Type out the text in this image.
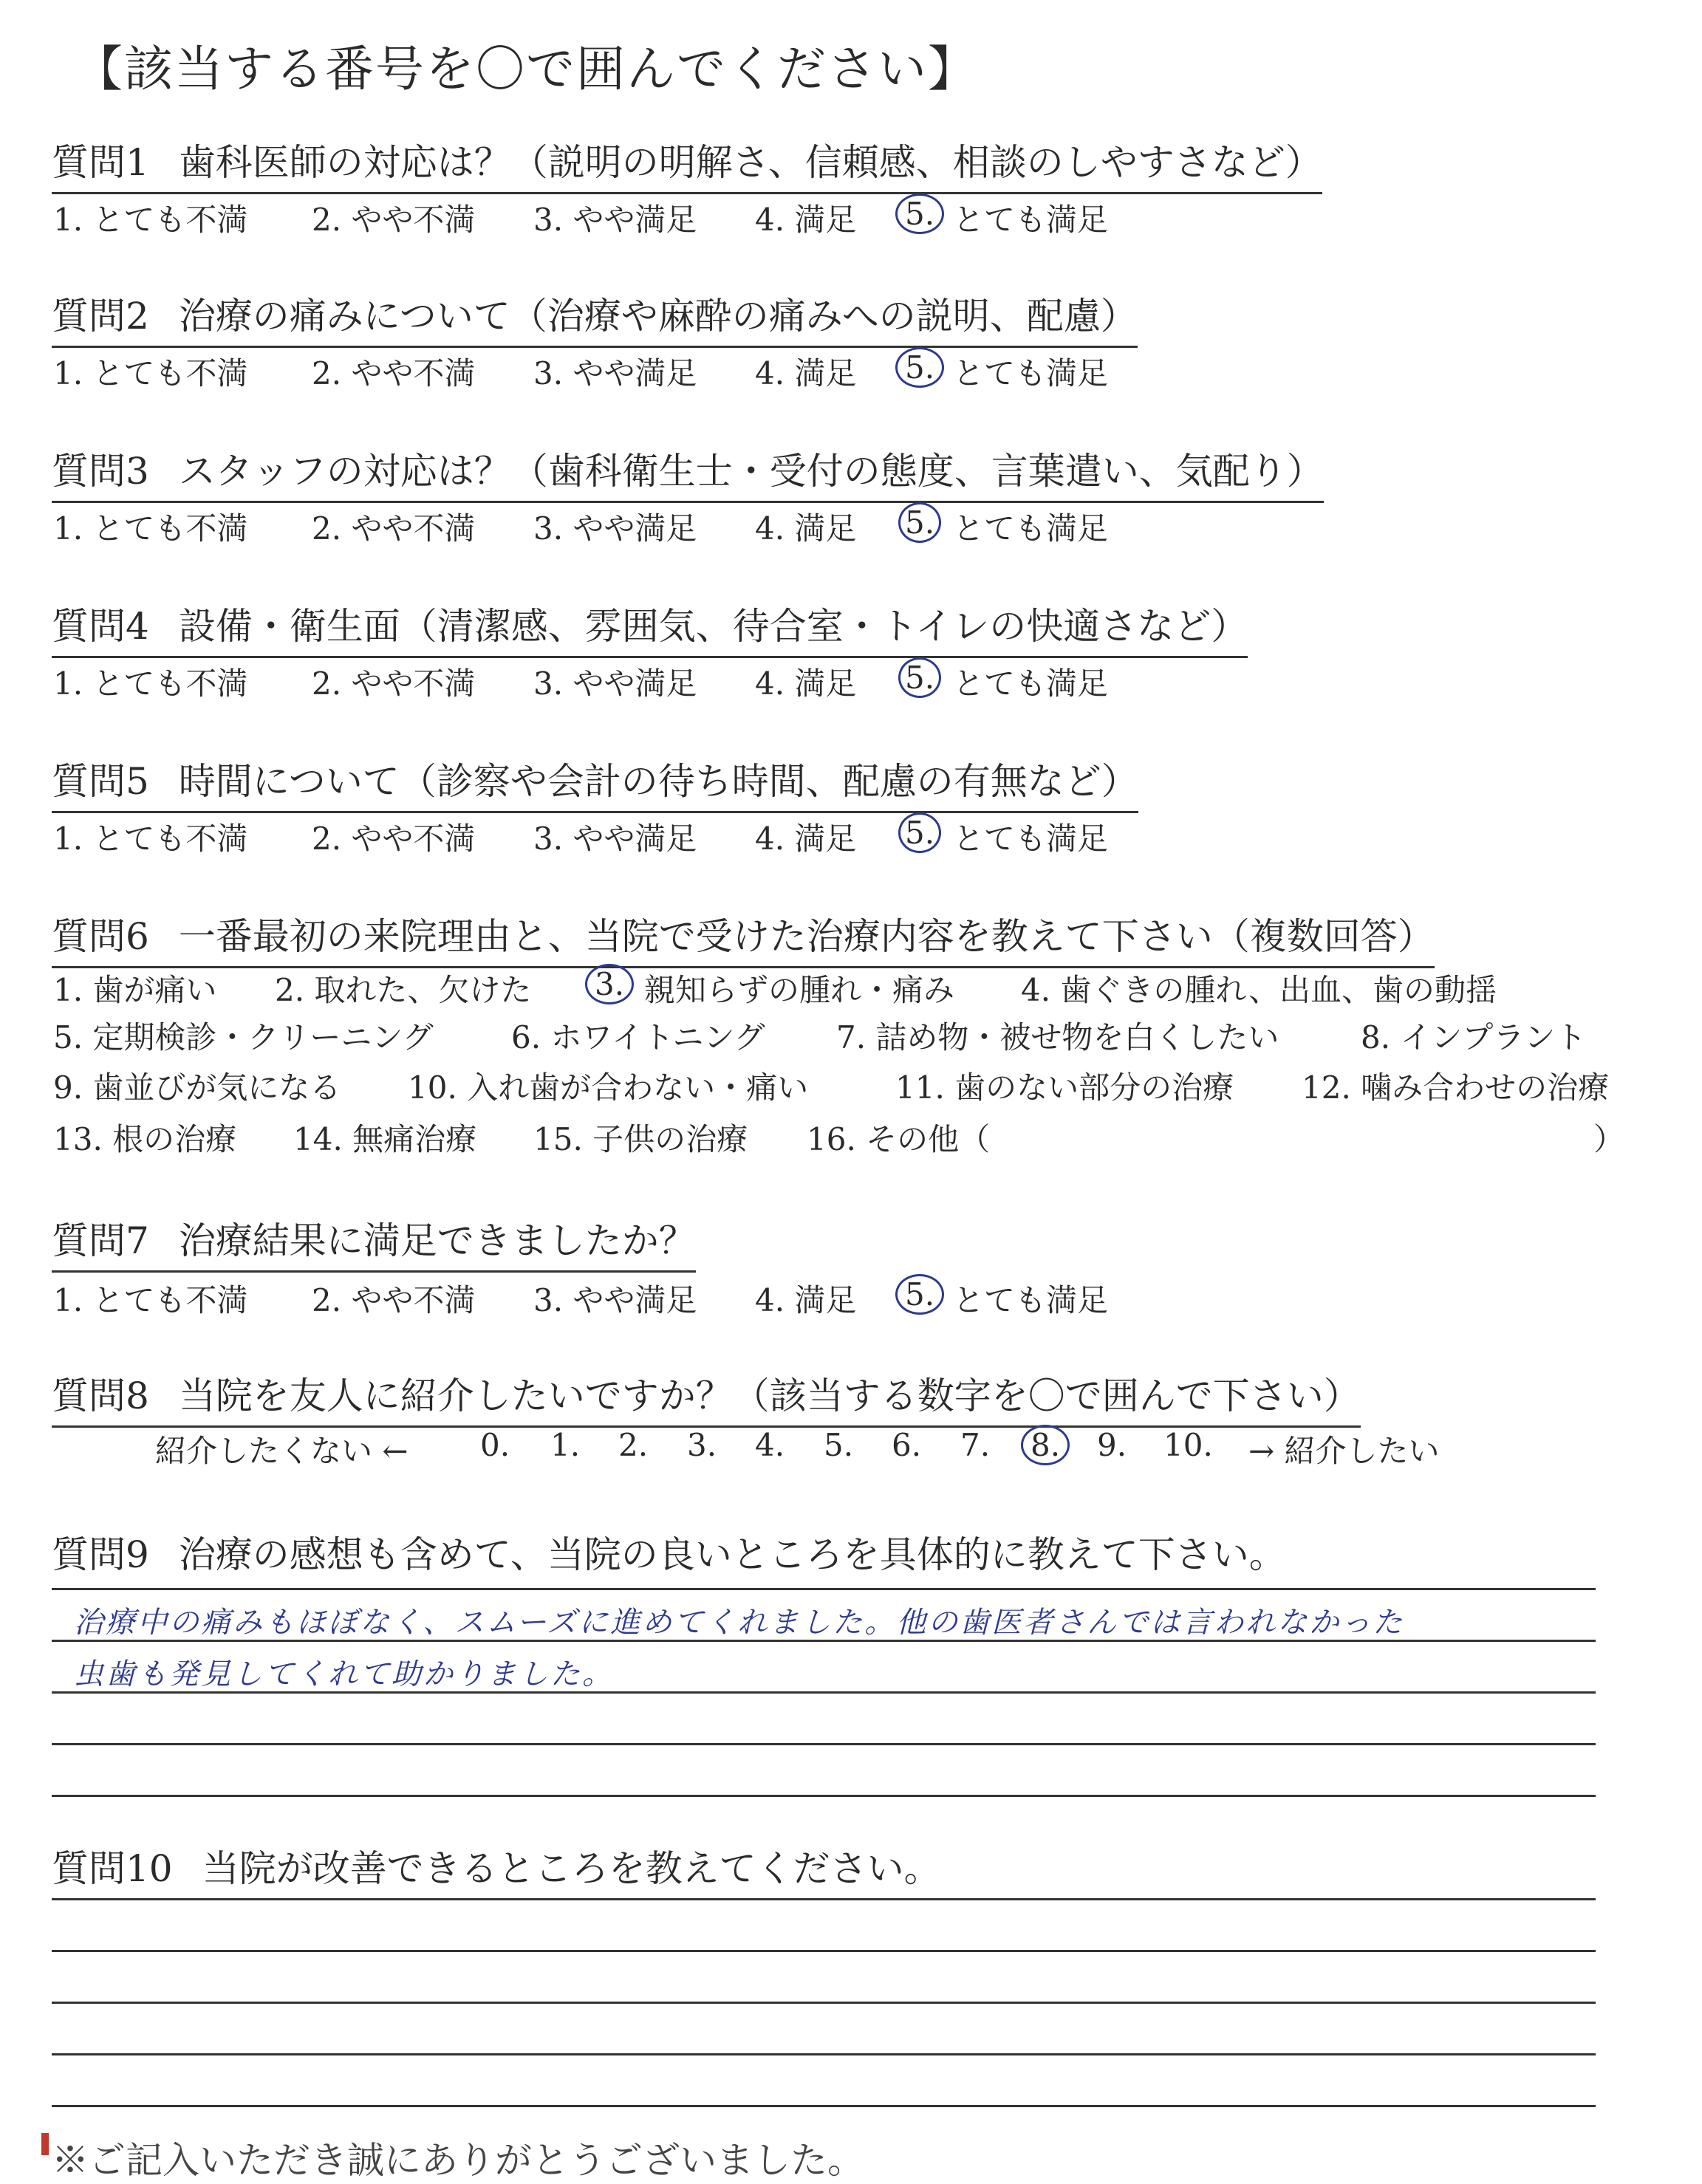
【該当する番号を〇で囲んでください】
質問1 歯科医師の対応は？（説明の明解さ、信頼感、相談のしやすさなど）
1. とても不満 2. やや不満 3. やや満足 4. 満足 5. とても満足
質問2 治療の痛みについて（治療や麻酔の痛みへの説明、配慮）
1. とても不満 2. やや不満 3. やや満足 4. 満足 5. とても満足
質問3 スタッフの対応は？（歯科衛生士・受付の態度、言葉遣い、気配り）
1. とても不満 2. やや不満 3. やや満足 4. 満足 5. とても満足
質問4 設備・衛生面（清潔感、雰囲気、待合室・トイレの快適さなど）
1. とても不満 2. やや不満 3. やや満足 4. 満足 5. とても満足
質問5 時間について（診察や会計の待ち時間、配慮の有無など）
1. とても不満 2. やや不満 3. やや満足 4. 満足 5. とても満足
質問6 一番最初の来院理由と、当院で受けた治療内容を教えて下さい（複数回答）
1. 歯が痛い 2. 取れた、欠けた 3. 親知らずの腫れ・痛み 4. 歯ぐきの腫れ、出血、歯の動揺
5. 定期検診・クリーニング	6. ホワイトニング 7. 詰め物・被せ物を白くしたい	8. インプラント
9. 歯並びが気になる 10. 入れ歯が合わない・痛い	11. 歯のない部分の治療 12. 噛み合わせの治療
13. 根の治療 14. 無痛治療 15. 子供の治療 16. その他（	）
質問7 治療結果に満足できましたか？
1. とても不満 2. やや不満 3. やや満足 4. 満足 5. とても満足
質問8 当院を友人に紹介したいですか？（該当する数字を〇で囲んで下さい）
紹介したくない ← 0. 1. 2. 3. 4. 5. 6. 7. 8. 9. 10. → 紹介したい
質問9 治療の感想も含めて、当院の良いところを具体的に教えて下さい。
治療中の痛みもほぼなく、スムーズに進めてくれました。他の歯医者さんでは言われなかった
虫歯も発見してくれて助かりました。
質問10 当院が改善できるところを教えてください。
※ご記入いただき誠にありがとうございました。
